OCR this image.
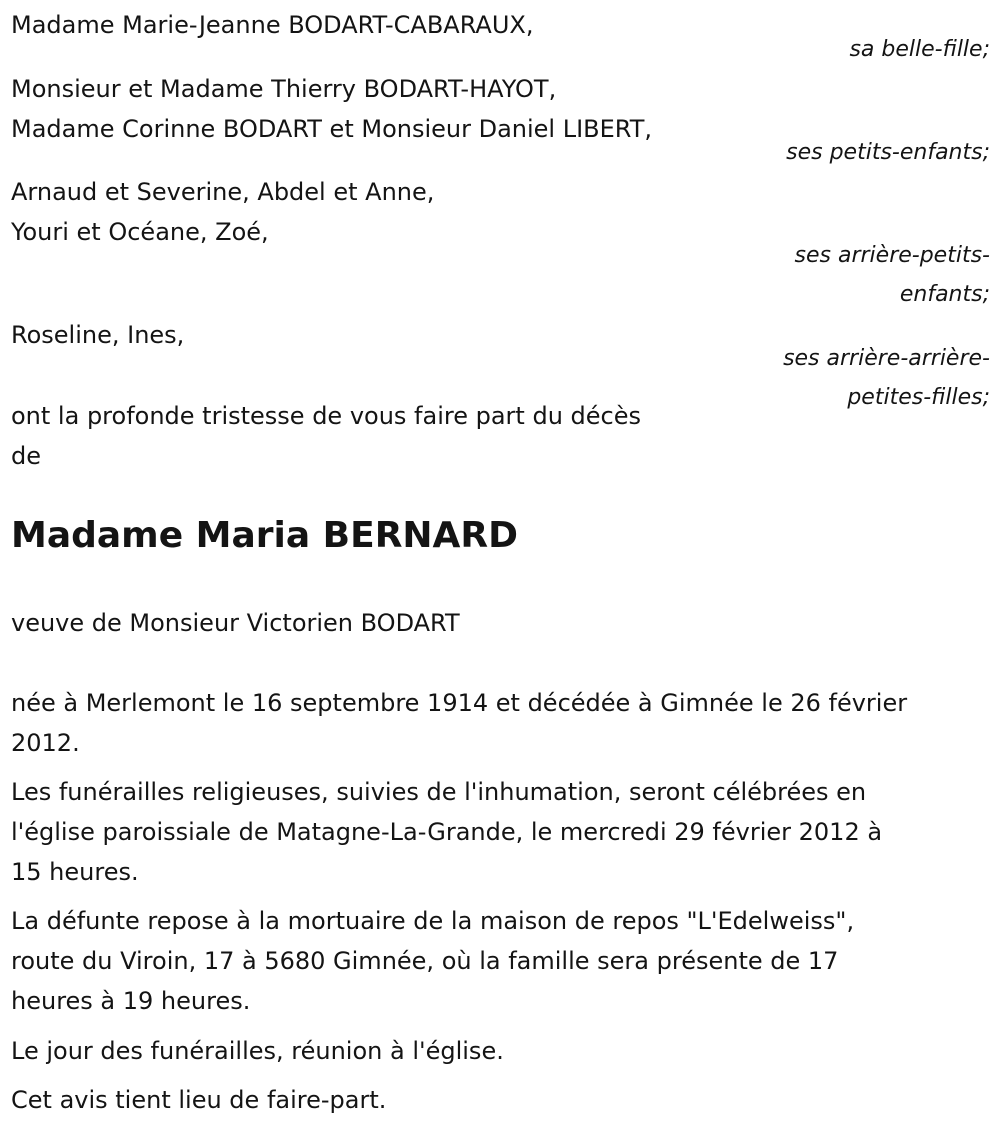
Madame Marie-Jeanne BODART-CABARAUX,
sa belle-fille;
Monsieur et Madame Thierry BODART-HAYOT,
Madame Corinne BODART et Monsieur Daniel LIBERT,
ses petits-enfants;
Arnaud et Severine, Abdel et Anne,
Youri et Océane, Zoé,
ses arrière-petits-
enfants;
Roseline, Ines,
ses arrière-arrière-
petites-filles;
ont la profonde tristesse de vous faire part du décès
de
Madame Maria BERNARD
veuve de Monsieur Victorien BODART
née à Merlemont le 16 septembre 1914 et décédée à Gimnée le 26 février
2012.
Les funérailles religieuses, suivies de l'inhumation, seront célébrées en
l'église paroissiale de Matagne-La-Grande, le mercredi 29 février 2012 à
15 heures.
La défunte repose à la mortuaire de la maison de repos "L'Edelweiss",
route du Viroin, 17 à 5680 Gimnée, où la famille sera présente de 17
heures à 19 heures.
Le jour des funérailles, réunion à l'église.
Cet avis tient lieu de faire-part.
